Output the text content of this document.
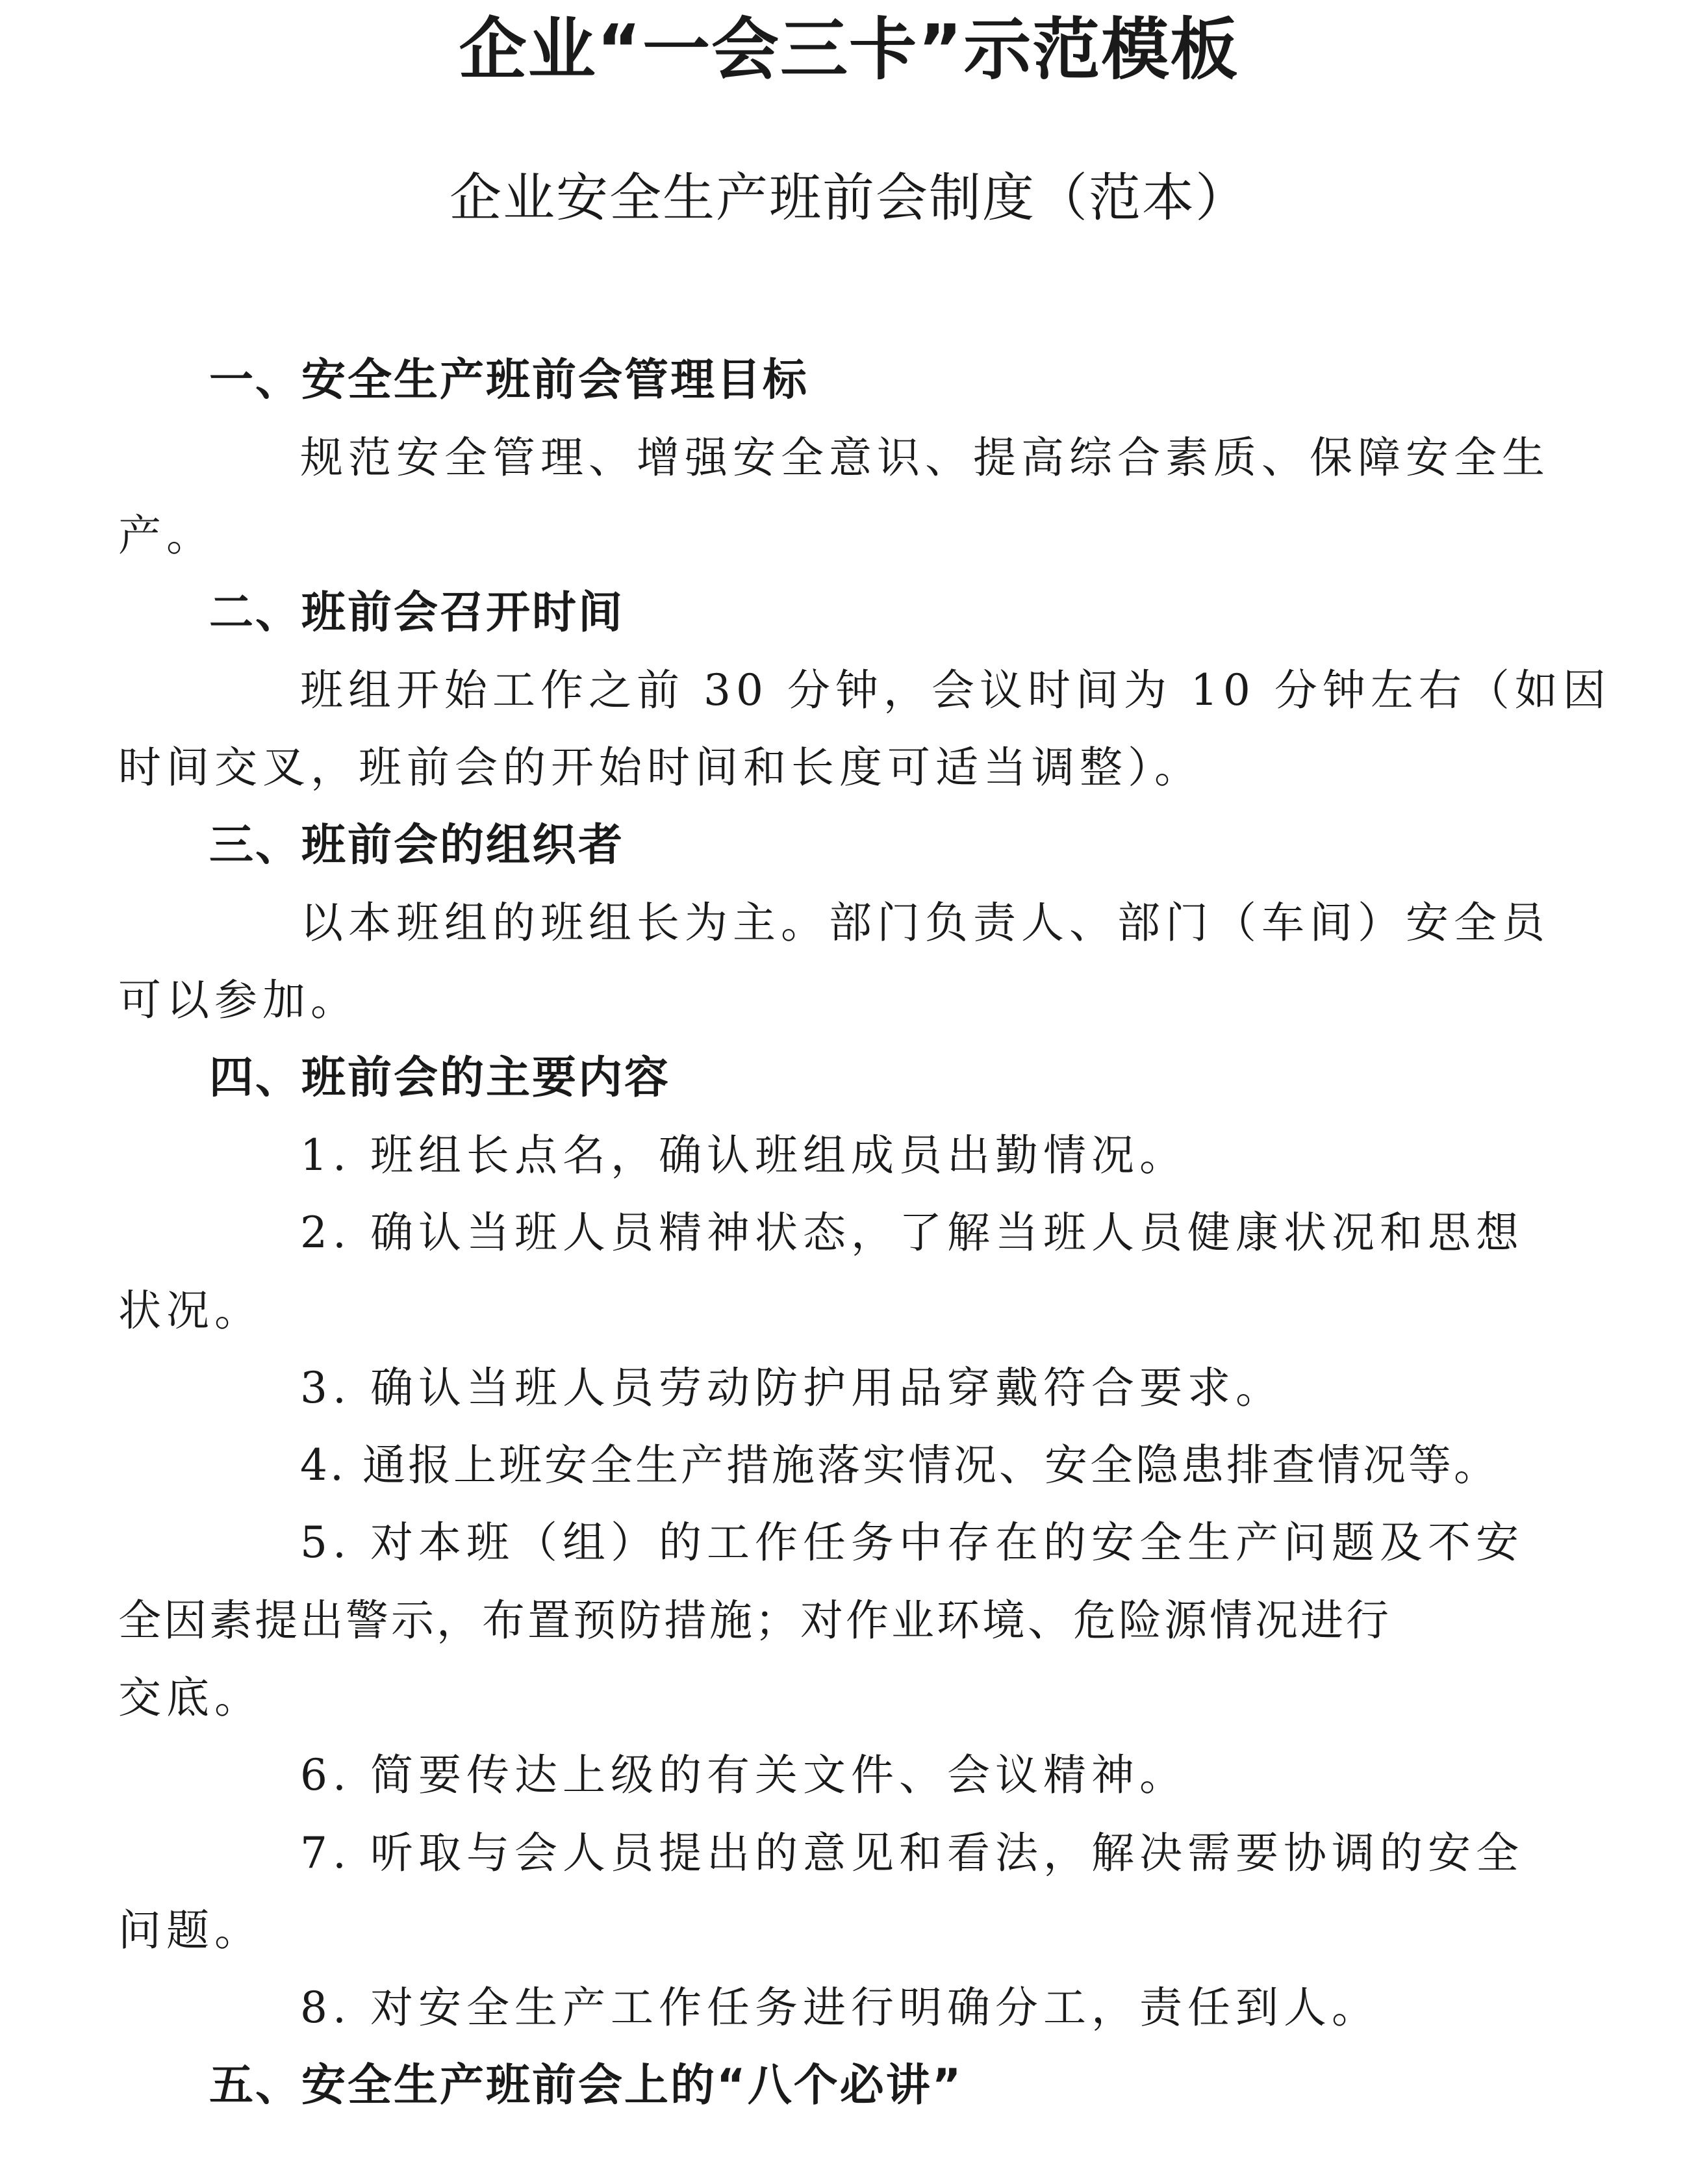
企业“一会三卡”示范模板
企业安全生产班前会制度（范本）
一、安全生产班前会管理目标
规范安全管理、增强安全意识、提高综合素质、保障安全生
产。
二、班前会召开时间
班组开始工作之前 30 分钟，会议时间为 10 分钟左右（如因
时间交叉，班前会的开始时间和长度可适当调整）。
三、班前会的组织者
以本班组的班组长为主。部门负责人、部门（车间）安全员
可以参加。
四、班前会的主要内容
1. 班组长点名，确认班组成员出勤情况。
2. 确认当班人员精神状态，了解当班人员健康状况和思想
状况。
3. 确认当班人员劳动防护用品穿戴符合要求。
4. 通报上班安全生产措施落实情况、安全隐患排查情况等。
5. 对本班（组）的工作任务中存在的安全生产问题及不安
全因素提出警示，布置预防措施；对作业环境、危险源情况进行
交底。
6. 简要传达上级的有关文件、会议精神。
7. 听取与会人员提出的意见和看法，解决需要协调的安全
问题。
8. 对安全生产工作任务进行明确分工，责任到人。
五、安全生产班前会上的“八个必讲”
